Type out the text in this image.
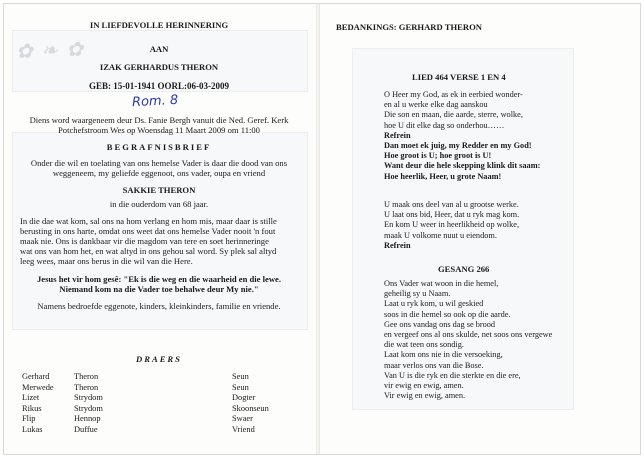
✿ ❧ ✿
IN LIEFDEVOLLE HERINNERING
AAN
IZAK GERHARDUS THERON
GEB: 15-01-1941 OORL:06-03-2009
Rom. 8
Diens word waargeneem deur Ds. Fanie Bergh vanuit die Ned. Geref. Kerk
Potchefstroom Wes op Woensdag 11 Maart 2009 om 11:00
BEGRAFNISBRIEF
Onder die wil en toelating van ons hemelse Vader is daar die dood van ons
weggeneem, my geliefde eggenoot, ons vader, oupa en vriend
SAKKIE THERON
in die ouderdom van 68 jaar.
In die dae wat kom, sal ons na hom verlang en hom mis, maar daar is stille
berusting in ons harte, omdat ons weet dat ons hemelse Vader nooit 'n fout
maak nie. Ons is dankbaar vir die magdom van tere en soet herinneringe
wat ons van hom het, en wat altyd in ons gehou sal word. Sy plek sal altyd
leeg wees, maar ons berus in die wil van die Here.
Jesus het vir hom gesê: "Ek is die weg en die waarheid en die lewe.
Niemand kom na die Vader toe behalwe deur My nie."
Namens bedroefde eggenote, kinders, kleinkinders, familie en vriende.
DRAERS
Gerhard
Merwede
Lizet
Rikus
Flip
Lukas
Theron
Theron
Strydom
Strydom
Hennop
Duffue
Seun
Seun
Dogter
Skoonseun
Swaer
Vriend
BEDANKINGS: GERHARD THERON
LIED 464 VERSE 1 EN 4
O Heer my God, as ek in eerbied wonder-
en al u werke elke dag aanskou
Die son en maan, die aarde, sterre, wolke,
hoe U dit elke dag so onderhou……
Refrein
Dan moet ek juig, my Redder en my God!
Hoe groot is U; hoe groot is U!
Want deur die hele skepping klink dit saam:
Hoe heerlik, Heer, u grote Naam!
U maak ons deel van al u grootse werke.
U laat ons bid, Heer, dat u ryk mag kom.
En kom U weer in heerlikheid op wolke,
maak U volkome nuut u eiendom.
Refrein
GESANG 266
Ons Vader wat woon in die hemel,
geheilig sy u Naam.
Laat u ryk kom, u wil geskied
soos in die hemel so ook op die aarde.
Gee ons vandag ons dag se brood
en vergeef ons al ons skulde, net soos ons vergewe
die wat teen ons sondig.
Laat kom ons nie in die versoeking,
maar verlos ons van die Bose.
Van U is die ryk en die sterkte en die ere,
vir ewig en ewig, amen.
Vir ewig en ewig, amen.
